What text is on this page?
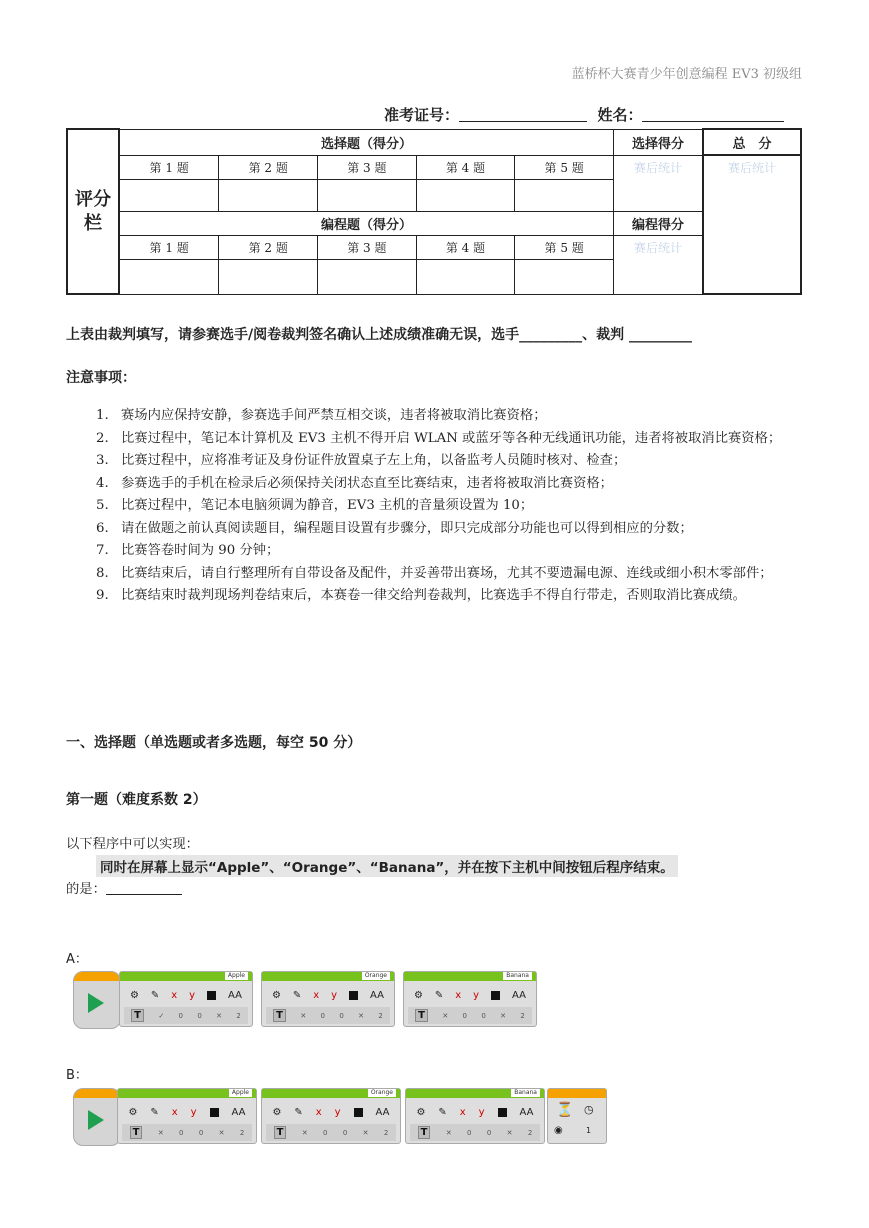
蓝桥杯大赛青少年创意编程 EV3 初级组
准考证号：	姓名：
评分
栏	选择题（得分）					选择得分	总　分
	第 1 题	第 2 题	第 3 题	第 4 题	第 5 题	赛后统计	赛后统计

	编程题（得分）					编程得分	
	第 1 题	第 2 题	第 3 题	第 4 题	第 5 题	赛后统计	

上表由裁判填写，请参赛选手/阅卷裁判签名确认上述成绩准确无误，选手_________、裁判 _________
注意事项：
1. 赛场内应保持安静，参赛选手间严禁互相交谈，违者将被取消比赛资格；
2. 比赛过程中，笔记本计算机及 EV3 主机不得开启 WLAN 或蓝牙等各种无线通讯功能，违者将被取消比赛资格；
3. 比赛过程中，应将准考证及身份证件放置桌子左上角，以备监考人员随时核对、检查；
4. 参赛选手的手机在检录后必须保持关闭状态直至比赛结束，违者将被取消比赛资格；
5. 比赛过程中，笔记本电脑须调为静音，EV3 主机的音量须设置为 10；
6. 请在做题之前认真阅读题目，编程题目设置有步骤分，即只完成部分功能也可以得到相应的分数；
7. 比赛答卷时间为 90 分钟；
8. 比赛结束后，请自行整理所有自带设备及配件，并妥善带出赛场，尤其不要遗漏电源、连线或细小积木零部件；
9. 比赛结束时裁判现场判卷结束后，本赛卷一律交给判卷裁判，比赛选手不得自行带走，否则取消比赛成绩。
一、选择题（单选题或者多选题，每空 50 分）
第一题（难度系数 2）
以下程序中可以实现：
同时在屏幕上显示“Apple”、“Orange”、“Banana”，并在按下主机中间按钮后程序结束。
的是：
A：
Apple
⚙ ✎ x y	AA
T	✓ 0 0 ✕ 2
Orange
⚙ ✎ x y	AA
T	✕ 0 0 ✕ 2
Banana
⚙ ✎ x y	AA
T	✕ 0 0 ✕ 2
B：
Apple
⚙ ✎ x y	AA
T	✕ 0 0 ✕ 2
Orange
⚙ ✎ x y	AA
T	✕ 0 0 ✕ 2
Banana
⚙ ✎ x y	AA
T	✕ 0 0 ✕ 2
⏳ ◷
◉	1
